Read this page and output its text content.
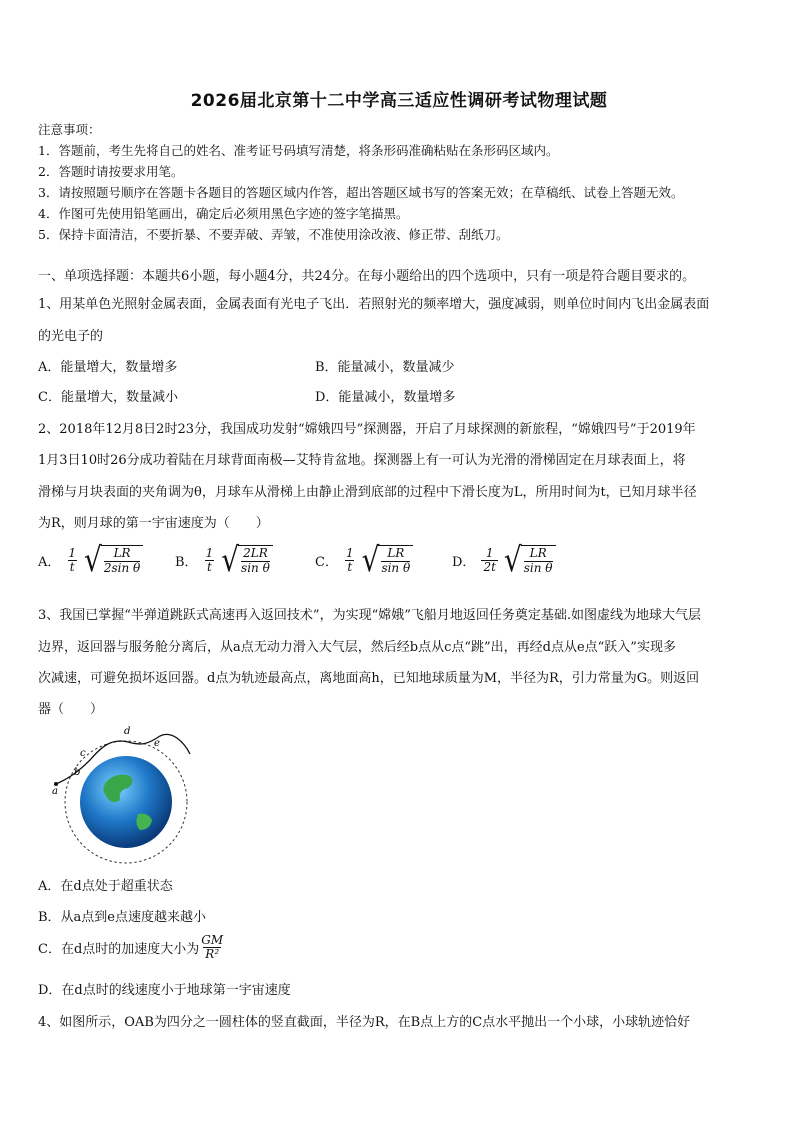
2026届北京第十二中学高三适应性调研考试物理试题
注意事项：
1．答题前，考生先将自己的姓名、准考证号码填写清楚，将条形码准确粘贴在条形码区域内。
2．答题时请按要求用笔。
3．请按照题号顺序在答题卡各题目的答题区域内作答，超出答题区域书写的答案无效；在草稿纸、试卷上答题无效。
4．作图可先使用铅笔画出，确定后必须用黑色字迹的签字笔描黑。
5．保持卡面清洁，不要折暴、不要弄破、弄皱，不准使用涂改液、修正带、刮纸刀。
一、单项选择题：本题共6小题，每小题4分，共24分。在每小题给出的四个选项中，只有一项是符合题目要求的。
1、用某单色光照射金属表面，金属表面有光电子飞出．若照射光的频率增大，强度减弱，则单位时间内飞出金属表面
的光电子的
A．能量增大，数量增多	B．能量减小，数量减少
C．能量增大，数量减小	D．能量减小，数量增多
2、2018年12月8日2时23分，我国成功发射“嫦娥四号”探测器，开启了月球探测的新旅程，“嫦娥四号”于2019年
1月3日10时26分成功着陆在月球背面南极—艾特肯盆地。探测器上有一可认为光滑的滑梯固定在月球表面上，将
滑梯与月块表面的夹角调为θ，月球车从滑梯上由静止滑到底部的过程中下滑长度为L，所用时间为t，已知月球半径
为R，则月球的第一宇宙速度为（　　）
A． $\frac{1}{t}$ √ $\frac{LR}{\text{2sin θ}}$ B． $\frac{1}{t}$ √ $\frac{2LR}{\text{sin θ}}$	C． $\frac{1}{t}$ √ $\frac{LR}{\text{sin θ}}$	D． $\frac{1}{2t}$ √ $\frac{LR}{\text{sin θ}}$
3、我国已掌握“半弹道跳跃式高速再入返回技术”，为实现“嫦娥”飞船月地返回任务奠定基础.如图虚线为地球大气层
边界，返回器与服务舱分离后，从a点无动力滑入大气层，然后经b点从c点“跳”出，再经d点从e点“跃入”实现多
次减速，可避免损坏返回器。d点为轨迹最高点，离地面高h，已知地球质量为M，半径为R，引力常量为G。则返回
器（　　）
a
b
c
d
e
A．在d点处于超重状态
B．从a点到e点速度越来越小
C．在d点时的加速度大小为 $\frac{GM}{\text{R²}}$
D．在d点时的线速度小于地球第一宇宙速度
4、如图所示，OAB为四分之一圆柱体的竖直截面，半径为R，在B点上方的C点水平抛出一个小球，小球轨迹恰好
